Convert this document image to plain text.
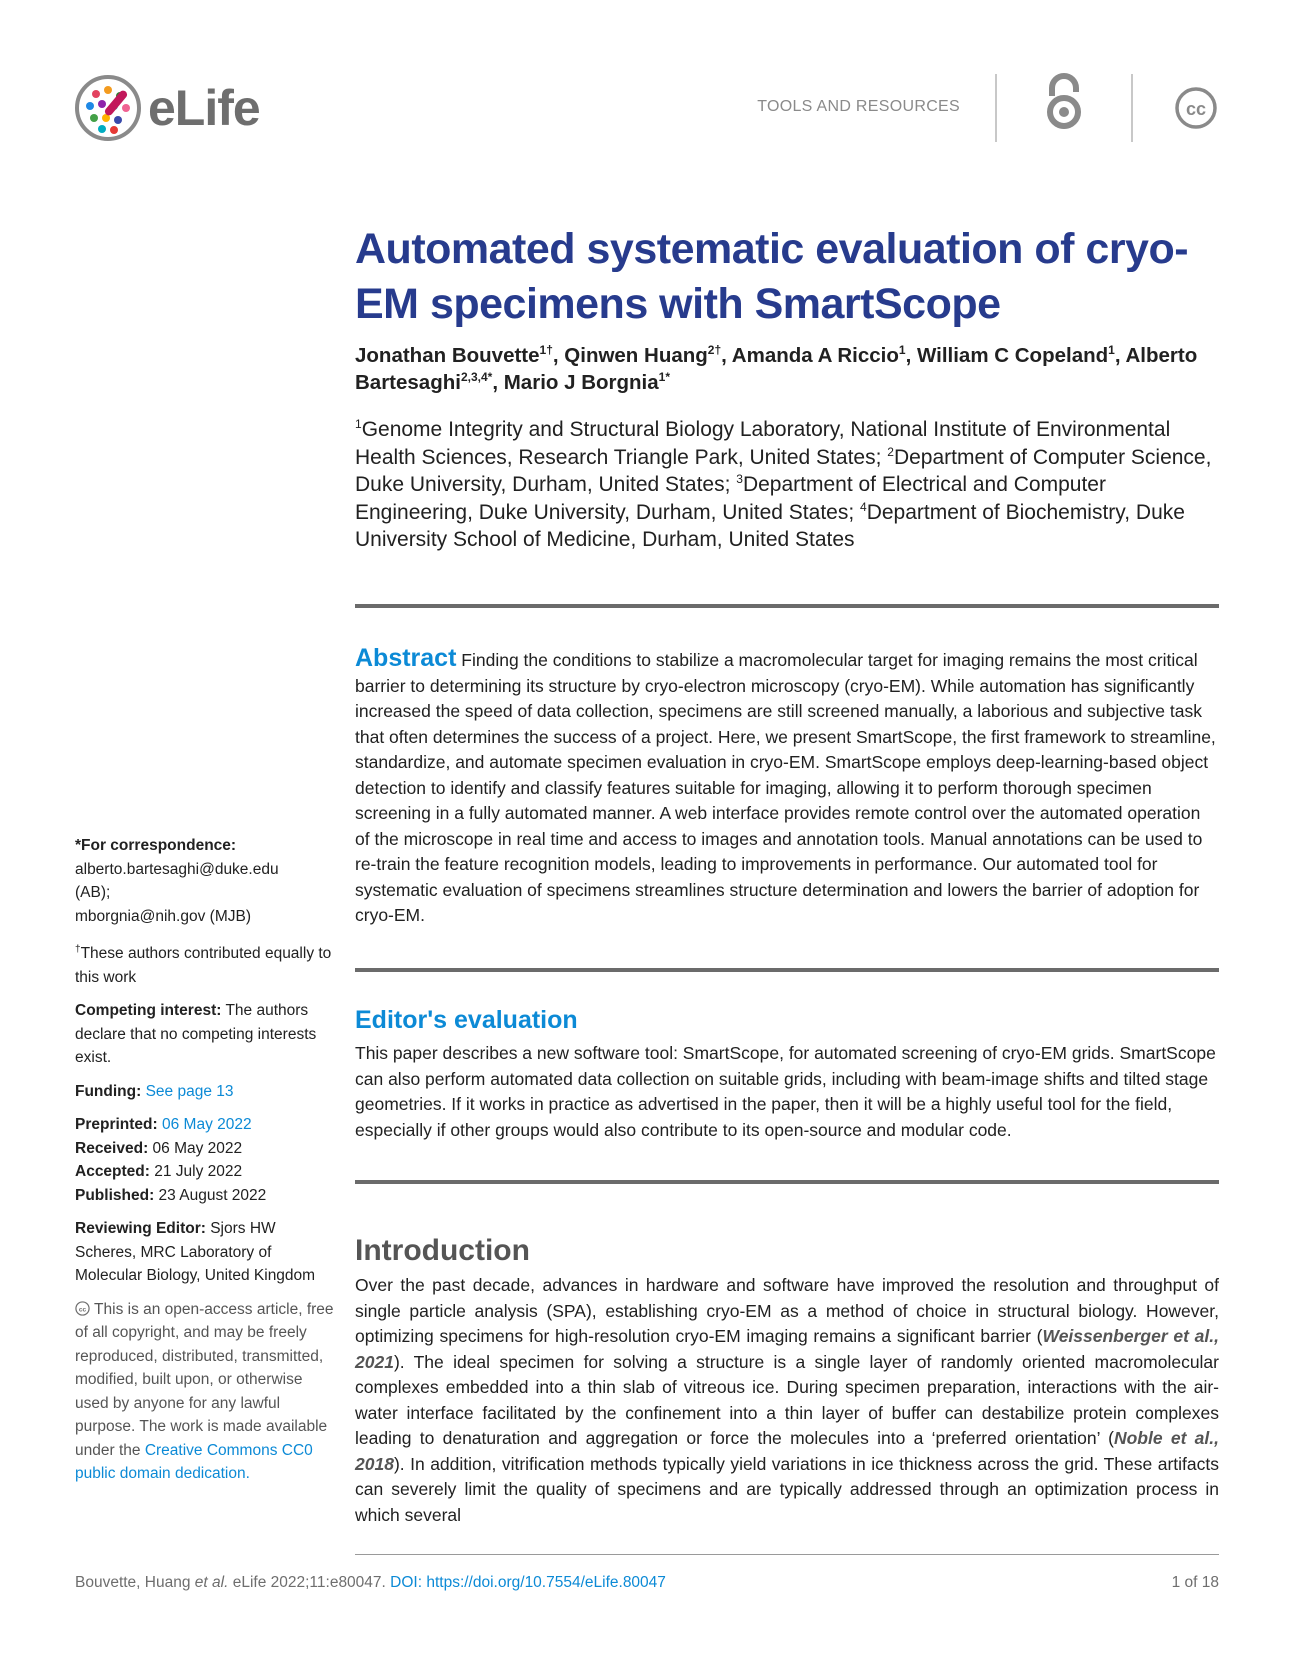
eLife	TOOLS AND RESOURCES	cc
Automated systematic evaluation of cryo-EM specimens with SmartScope
Jonathan Bouvette$^{1\dagger}$, Qinwen Huang$^{2\dagger}$, Amanda A Riccio$^1$, William C Copeland$^1$, Alberto Bartesaghi$^{2,3,4*}$, Mario J Borgnia$^{1*}$
$^1$Genome Integrity and Structural Biology Laboratory, National Institute of Environmental Health Sciences, Research Triangle Park, United States; $^2$Department of Computer Science, Duke University, Durham, United States; $^3$Department of Electrical and Computer Engineering, Duke University, Durham, United States; $^4$Department of Biochemistry, Duke University School of Medicine, Durham, United States
Abstract Finding the conditions to stabilize a macromolecular target for imaging remains the most critical barrier to determining its structure by cryo-electron microscopy (cryo-EM). While automation has significantly increased the speed of data collection, specimens are still screened manually, a laborious and subjective task that often determines the success of a project. Here, we present SmartScope, the first framework to streamline, standardize, and automate specimen evaluation in cryo-EM. SmartScope employs deep-learning-based object detection to identify and classify features suitable for imaging, allowing it to perform thorough specimen screening in a fully automated manner. A web interface provides remote control over the automated operation of the microscope in real time and access to images and annotation tools. Manual annotations can be used to re-train the feature recognition models, leading to improvements in performance. Our automated tool for systematic evaluation of specimens streamlines structure determination and lowers the barrier of adoption for cryo-EM.
Editor's evaluation
This paper describes a new software tool: SmartScope, for automated screening of cryo-EM grids. SmartScope can also perform automated data collection on suitable grids, including with beam-image shifts and tilted stage geometries. If it works in practice as advertised in the paper, then it will be a highly useful tool for the field, especially if other groups would also contribute to its open-source and modular code.
Introduction
Over the past decade, advances in hardware and software have improved the resolution and throughput of single particle analysis (SPA), establishing cryo-EM as a method of choice in structural biology. However, optimizing specimens for high-resolution cryo-EM imaging remains a significant barrier (Weissenberger et al., 2021). The ideal specimen for solving a structure is a single layer of randomly oriented macromolecular complexes embedded into a thin slab of vitreous ice. During specimen preparation, interactions with the air-water interface facilitated by the confinement into a thin layer of buffer can destabilize protein complexes leading to denaturation and aggregation or force the molecules into a ‘preferred orientation’ (Noble et al., 2018). In addition, vitrification methods typically yield variations in ice thickness across the grid. These artifacts can severely limit the quality of specimens and are typically addressed through an optimization process in which several

*For correspondence:
alberto.bartesaghi@duke.edu
(AB);
mborgnia@nih.gov (MJB)

†These authors contributed equally to this work

Competing interest: The authors declare that no competing interests exist.

Funding: See page 13

Preprinted: 06 May 2022
Received: 06 May 2022
Accepted: 21 July 2022
Published: 23 August 2022

Reviewing Editor: Sjors HW Scheres, MRC Laboratory of Molecular Biology, United Kingdom

cc This is an open-access article, free of all copyright, and may be freely reproduced, distributed, transmitted, modified, built upon, or otherwise used by anyone for any lawful purpose. The work is made available under the Creative Commons CC0 public domain dedication.

Bouvette, Huang et al. eLife 2022;11:e80047. DOI: https://doi.org/10.7554/eLife.80047	1 of 18
